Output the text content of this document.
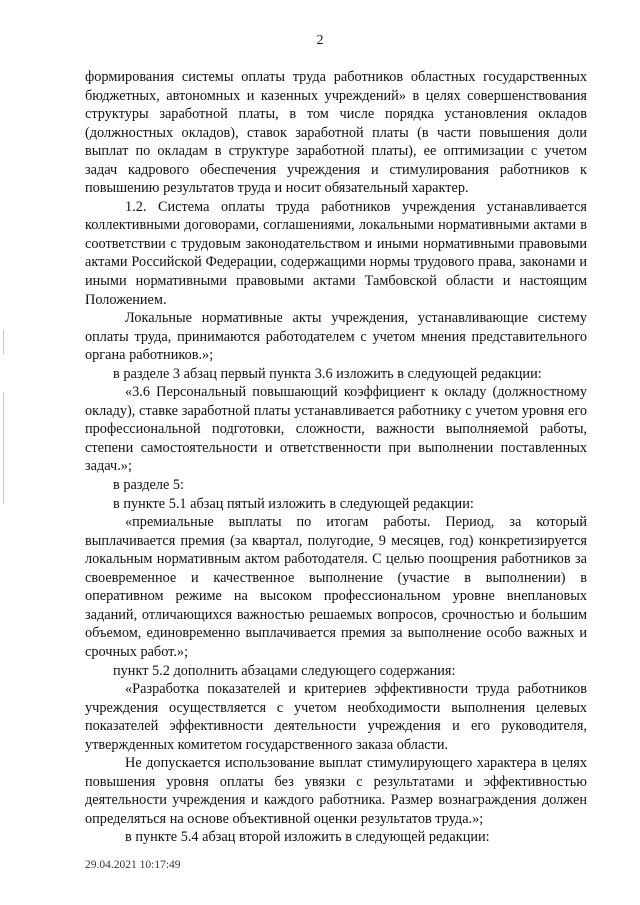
2

формирования системы оплаты труда работников областных государственных бюджетных, автономных и казенных учреждений» в целях совершенствования структуры заработной платы, в том числе порядка установления окладов (должностных окладов), ставок заработной платы (в части повышения доли выплат по окладам в структуре заработной платы), ее оптимизации с учетом задач кадрового обеспечения учреждения и стимулирования работников к повышению результатов труда и носит обязательный характер.

1.2. Система оплаты труда работников учреждения устанавливается коллективными договорами, соглашениями, локальными нормативными актами в соответствии с трудовым законодательством и иными нормативными правовыми актами Российской Федерации, содержащими нормы трудового права, законами и иными нормативными правовыми актами Тамбовской области и настоящим Положением.

Локальные нормативные акты учреждения, устанавливающие систему оплаты труда, принимаются работодателем с учетом мнения представительного органа работников.»;

в разделе 3 абзац первый пункта 3.6 изложить в следующей редакции:

«3.6 Персональный повышающий коэффициент к окладу (должностному окладу), ставке заработной платы устанавливается работнику с учетом уровня его профессиональной подготовки, сложности, важности выполняемой работы, степени самостоятельности и ответственности при выполнении поставленных задач.»;

в разделе 5:

в пункте 5.1 абзац пятый изложить в следующей редакции:

«премиальные выплаты по итогам работы. Период, за который выплачивается премия (за квартал, полугодие, 9 месяцев, год) конкретизируется локальным нормативным актом работодателя. С целью поощрения работников за своевременное и качественное выполнение (участие в выполнении) в оперативном режиме на высоком профессиональном уровне внеплановых заданий, отличающихся важностью решаемых вопросов, срочностью и большим объемом, единовременно выплачивается премия за выполнение особо важных и срочных работ.»;

пункт 5.2 дополнить абзацами следующего содержания:

«Разработка показателей и критериев эффективности труда работников учреждения осуществляется с учетом необходимости выполнения целевых показателей эффективности деятельности учреждения и его руководителя, утвержденных комитетом государственного заказа области.

Не допускается использование выплат стимулирующего характера в целях повышения уровня оплаты без увязки с результатами и эффективностью деятельности учреждения и каждого работника. Размер вознаграждения должен определяться на основе объективной оценки результатов труда.»;

в пункте 5.4 абзац второй изложить в следующей редакции:

29.04.2021 10:17:49
